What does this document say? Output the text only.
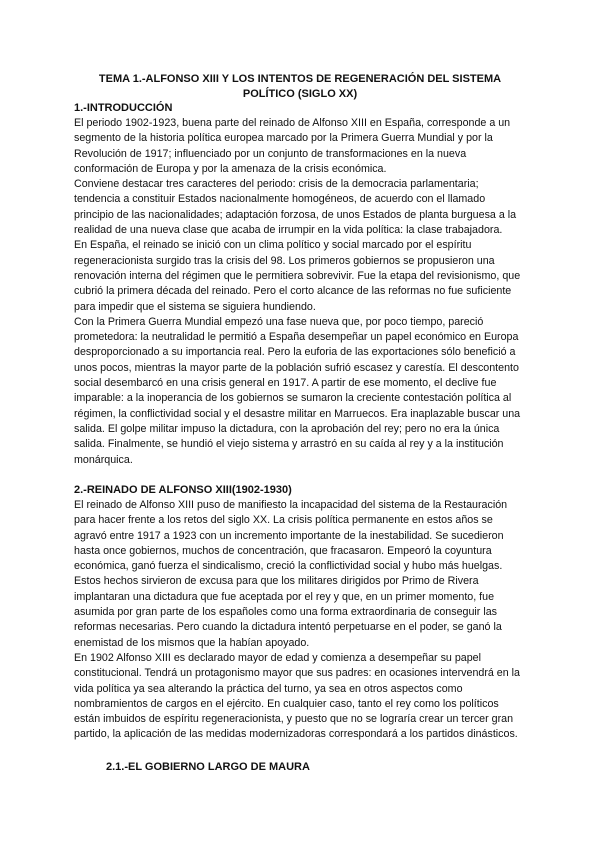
TEMA 1.-ALFONSO XIII Y LOS INTENTOS DE REGENERACIÓN DEL SISTEMA POLÍTICO (SIGLO XX)
1.-INTRODUCCIÓN

El periodo 1902-1923, buena parte del reinado de Alfonso XIII en España, corresponde a un segmento de la historia política europea marcado por la Primera Guerra Mundial y por la Revolución de 1917; influenciado por un conjunto de transformaciones en la nueva conformación de Europa y por la amenaza de la crisis económica.

Conviene destacar tres caracteres del periodo: crisis de la democracia parlamentaria; tendencia a constituir Estados nacionalmente homogéneos, de acuerdo con el llamado principio de las nacionalidades; adaptación forzosa, de unos Estados de planta burguesa a la realidad de una nueva clase que acaba de irrumpir en la vida política: la clase trabajadora.

En España, el reinado se inició con un clima político y social marcado por el espíritu regeneracionista surgido tras la crisis del 98. Los primeros gobiernos se propusieron una renovación interna del régimen que le permitiera sobrevivir. Fue la etapa del revisionismo, que cubrió la primera década del reinado. Pero el corto alcance de las reformas no fue suficiente para impedir que el sistema se siguiera hundiendo.

Con la Primera Guerra Mundial empezó una fase nueva que, por poco tiempo, pareció prometedora: la neutralidad le permitió a España desempeñar un papel económico en Europa desproporcionado a su importancia real. Pero la euforia de las exportaciones sólo benefició a unos pocos, mientras la mayor parte de la población sufrió escasez y carestía. El descontento social desembarcó en una crisis general en 1917. A partir de ese momento, el declive fue imparable: a la inoperancia de los gobiernos se sumaron la creciente contestación política al régimen, la conflictividad social y el desastre militar en Marruecos. Era inaplazable buscar una salida. El golpe militar impuso la dictadura, con la aprobación del rey; pero no era la única salida. Finalmente, se hundió el viejo sistema y arrastró en su caída al rey y a la institución monárquica.

2.-REINADO DE ALFONSO XIII(1902-1930)

El reinado de Alfonso XIII puso de manifiesto la incapacidad del sistema de la Restauración para hacer frente a los retos del siglo XX. La crisis política permanente en estos años se agravó entre 1917 a 1923 con un incremento importante de la inestabilidad. Se sucedieron hasta once gobiernos, muchos de concentración, que fracasaron. Empeoró la coyuntura económica, ganó fuerza el sindicalismo, creció la conflictividad social y hubo más huelgas. Estos hechos sirvieron de excusa para que los militares dirigidos por Primo de Rivera implantaran una dictadura que fue aceptada por el rey y que, en un primer momento, fue asumida por gran parte de los españoles como una forma extraordinaria de conseguir las reformas necesarias. Pero cuando la dictadura intentó perpetuarse en el poder, se ganó la enemistad de los mismos que la habían apoyado.

En 1902 Alfonso XIII es declarado mayor de edad y comienza a desempeñar su papel constitucional. Tendrá un protagonismo mayor que sus padres: en ocasiones intervendrá en la vida política ya sea alterando la práctica del turno, ya sea en otros aspectos como nombramientos de cargos en el ejército. En cualquier caso, tanto el rey como los políticos están imbuidos de espíritu regeneracionista, y puesto que no se lograría crear un tercer gran partido, la aplicación de las medidas modernizadoras correspondará a los partidos dinásticos.

2.1.-EL GOBIERNO LARGO DE MAURA
